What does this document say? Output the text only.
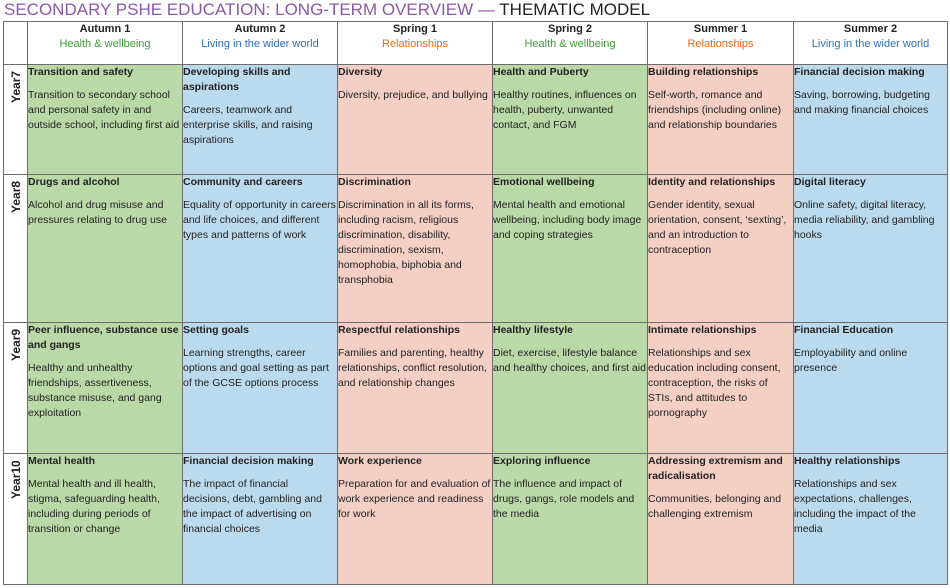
SECONDARY PSHE EDUCATION: LONG-TERM OVERVIEW — THEMATIC MODEL

	Autumn 1
Health & wellbeing	Autumn 2
Living in the wider world	Spring 1
Relationships	Spring 2
Health & wellbeing	Summer 1
Relationships	Summer 2
Living in the wider world

Year7	Transition and safety
Transition to secondary school and personal safety in and outside school, including first aid	Developing skills and aspirations
Careers, teamwork and enterprise skills, and raising aspirations	Diversity
Diversity, prejudice, and bullying	Health and Puberty
Healthy routines, influences on health, puberty, unwanted contact, and FGM	Building relationships
Self-worth, romance and friendships (including online) and relationship boundaries	Financial decision making
Saving, borrowing, budgeting and making financial choices

Year8	Drugs and alcohol
Alcohol and drug misuse and pressures relating to drug use	Community and careers
Equality of opportunity in careers and life choices, and different types and patterns of work	Discrimination
Discrimination in all its forms, including racism, religious discrimination, disability, discrimination, sexism, homophobia, biphobia and transphobia	Emotional wellbeing
Mental health and emotional wellbeing, including body image and coping strategies	Identity and relationships
Gender identity, sexual orientation, consent, ‘sexting’, and an introduction to contraception	Digital literacy
Online safety, digital literacy, media reliability, and gambling hooks

Year9	Peer influence, substance use and gangs
Healthy and unhealthy friendships, assertiveness, substance misuse, and gang exploitation	Setting goals
Learning strengths, career options and goal setting as part of the GCSE options process	Respectful relationships
Families and parenting, healthy relationships, conflict resolution, and relationship changes	Healthy lifestyle
Diet, exercise, lifestyle balance and healthy choices, and first aid	Intimate relationships
Relationships and sex education including consent, contraception, the risks of STIs, and attitudes to pornography	Financial Education
Employability and online presence

Year10	Mental health
Mental health and ill health, stigma, safeguarding health, including during periods of transition or change	Financial decision making
The impact of financial decisions, debt, gambling and the impact of advertising on financial choices	Work experience
Preparation for and evaluation of work experience and readiness for work	Exploring influence
The influence and impact of drugs, gangs, role models and the media	Addressing extremism and radicalisation
Communities, belonging and challenging extremism	Healthy relationships
Relationships and sex expectations, challenges, including the impact of the media
